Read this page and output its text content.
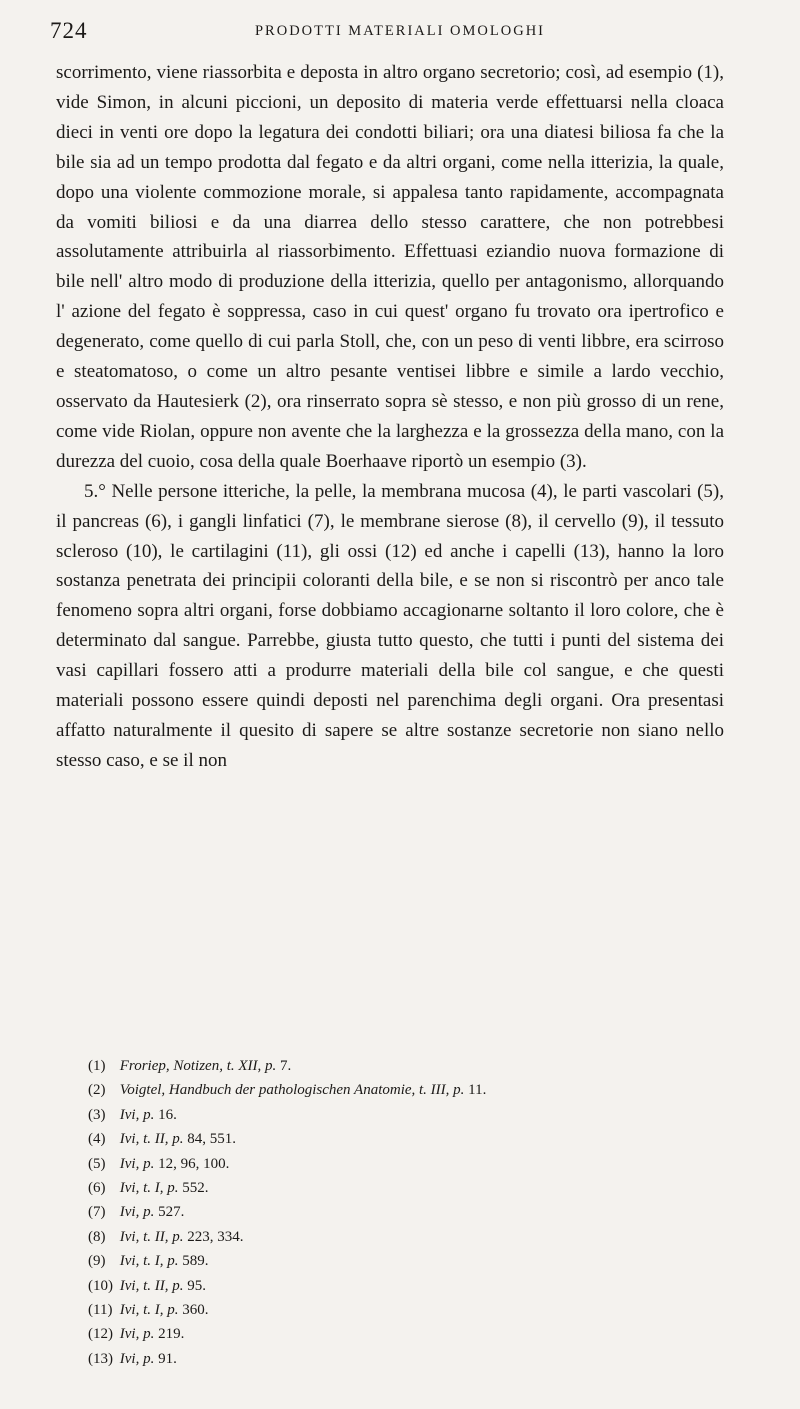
724	PRODOTTI MATERIALI OMOLOGHI

scorrimento, viene riassorbita e deposta in altro organo secretorio; così, ad esempio (1), vide Simon, in alcuni piccioni, un deposito di materia verde effettuarsi nella cloaca dieci in venti ore dopo la legatura dei condotti biliari; ora una diatesi biliosa fa che la bile sia ad un tempo prodotta dal fegato e da altri organi, come nella itterizia, la quale, dopo una violente commozione morale, si appalesa tanto rapidamente, accompagnata da vomiti biliosi e da una diarrea dello stesso carattere, che non potrebbesi assolutamente attribuirla al riassorbimento. Effettuasi eziandio nuova formazione di bile nell' altro modo di produzione della itterizia, quello per antagonismo, allorquando l' azione del fegato è soppressa, caso in cui quest' organo fu trovato ora ipertrofico e degenerato, come quello di cui parla Stoll, che, con un peso di venti libbre, era scirroso e steatomatoso, o come un altro pesante ventisei libbre e simile a lardo vecchio, osservato da Hautesierk (2), ora rinserrato sopra sè stesso, e non più grosso di un rene, come vide Riolan, oppure non avente che la larghezza e la grossezza della mano, con la durezza del cuoio, cosa della quale Boerhaave riportò un esempio (3).

5.° Nelle persone itteriche, la pelle, la membrana mucosa (4), le parti vascolari (5), il pancreas (6), i gangli linfatici (7), le membrane sierose (8), il cervello (9), il tessuto scleroso (10), le cartilagini (11), gli ossi (12) ed anche i capelli (13), hanno la loro sostanza penetrata dei principii coloranti della bile, e se non si riscontrò per anco tale fenomeno sopra altri organi, forse dobbiamo accagionarne soltanto il loro colore, che è determinato dal sangue. Parrebbe, giusta tutto questo, che tutti i punti del sistema dei vasi capillari fossero atti a produrre materiali della bile col sangue, e che questi materiali possono essere quindi deposti nel parenchima degli organi. Ora presentasi affatto naturalmente il quesito di sapere se altre sostanze secretorie non siano nello stesso caso, e se il non

(1) Froriep, Notizen, t. XII, p. 7.
(2) Voigtel, Handbuch der pathologischen Anatomie, t. III, p. 11.
(3) Ivi, p. 16.
(4) Ivi, t. II, p. 84, 551.
(5) Ivi, p. 12, 96, 100.
(6) Ivi, t. I, p. 552.
(7) Ivi, p. 527.
(8) Ivi, t. II, p. 223, 334.
(9) Ivi, t. I, p. 589.
(10) Ivi, t. II, p. 95.
(11) Ivi, t. I, p. 360.
(12) Ivi, p. 219.
(13) Ivi, p. 91.
